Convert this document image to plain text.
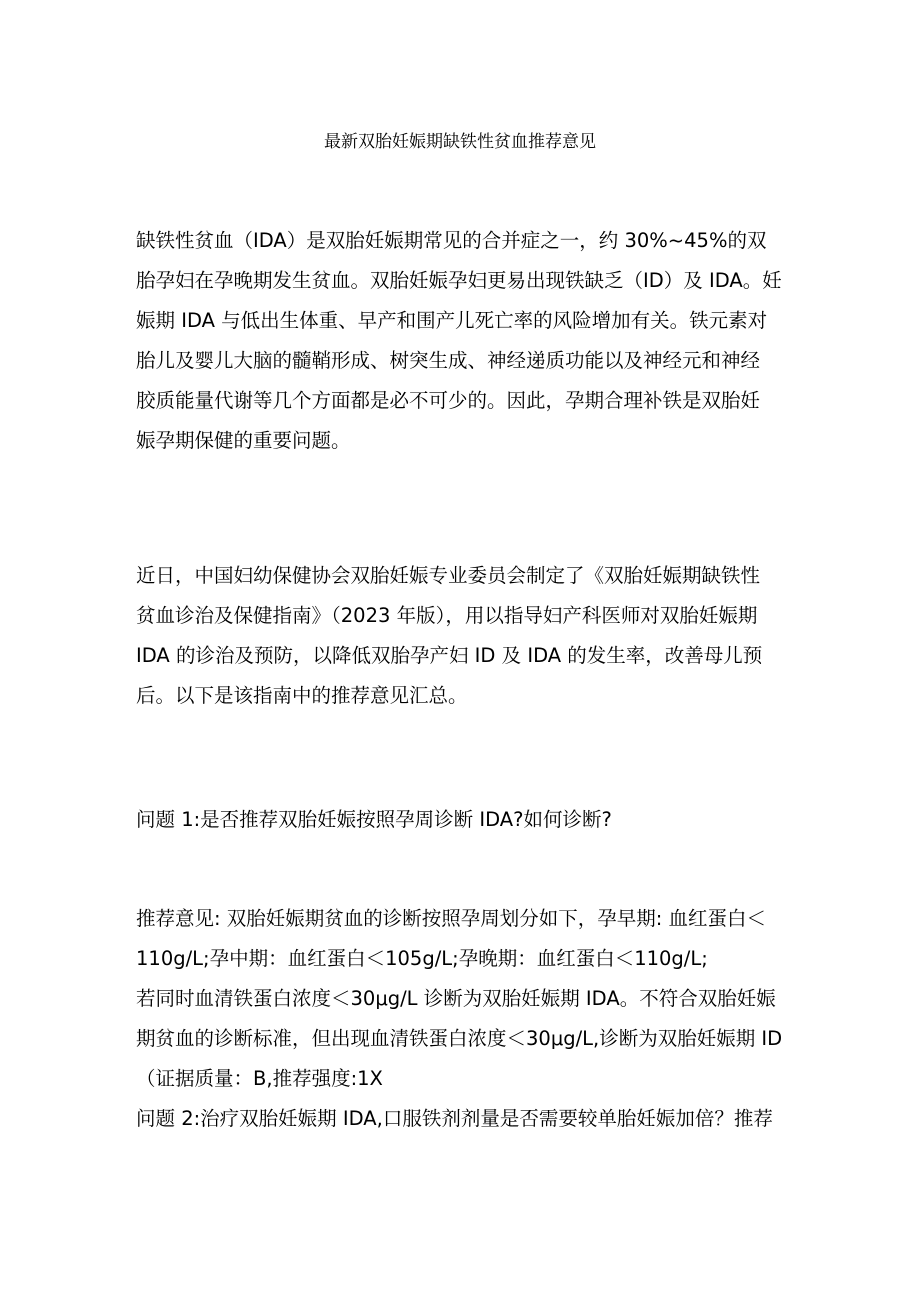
最新双胎妊娠期缺铁性贫血推荐意见

缺铁性贫血（IDA）是双胎妊娠期常见的合并症之一，约 30%~45%的双
胎孕妇在孕晚期发生贫血。双胎妊娠孕妇更易出现铁缺乏（ID）及 IDA。妊
娠期 IDA 与低出生体重、早产和围产儿死亡率的风险增加有关。铁元素对
胎儿及婴儿大脑的髓鞘形成、树突生成、神经递质功能以及神经元和神经
胶质能量代谢等几个方面都是必不可少的。因此，孕期合理补铁是双胎妊
娠孕期保健的重要问题。

近日，中国妇幼保健协会双胎妊娠专业委员会制定了《双胎妊娠期缺铁性
贫血诊治及保健指南》（2023 年版），用以指导妇产科医师对双胎妊娠期
IDA 的诊治及预防，以降低双胎孕产妇 ID 及 IDA 的发生率，改善母儿预
后。以下是该指南中的推荐意见汇总。

问题 1:是否推荐双胎妊娠按照孕周诊断 IDA?如何诊断?

推荐意见: 双胎妊娠期贫血的诊断按照孕周划分如下，孕早期: 血红蛋白＜
110g/L;孕中期：血红蛋白＜105g/L;孕晚期：血红蛋白＜110g/L;
若同时血清铁蛋白浓度＜30μg/L 诊断为双胎妊娠期 IDA。不符合双胎妊娠
期贫血的诊断标准，但出现血清铁蛋白浓度＜30μg/L,诊断为双胎妊娠期 ID
（证据质量：B,推荐强度:1X
问题 2:治疗双胎妊娠期 IDA,口服铁剂剂量是否需要较单胎妊娠加倍？推荐
